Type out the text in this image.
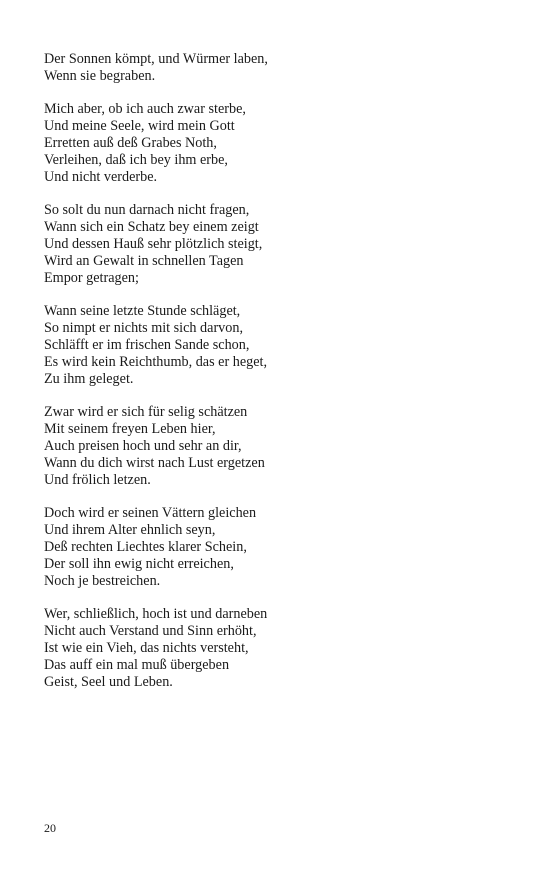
Der Sonnen kömpt, und Würmer laben,
Wenn sie begraben.
Mich aber, ob ich auch zwar sterbe,
Und meine Seele, wird mein Gott
Erretten auß deß Grabes Noth,
Verleihen, daß ich bey ihm erbe,
Und nicht verderbe.
So solt du nun darnach nicht fragen,
Wann sich ein Schatz bey einem zeigt
Und dessen Hauß sehr plötzlich steigt,
Wird an Gewalt in schnellen Tagen
Empor getragen;
Wann seine letzte Stunde schläget,
So nimpt er nichts mit sich darvon,
Schläfft er im frischen Sande schon,
Es wird kein Reichthumb, das er heget,
Zu ihm geleget.
Zwar wird er sich für selig schätzen
Mit seinem freyen Leben hier,
Auch preisen hoch und sehr an dir,
Wann du dich wirst nach Lust ergetzen
Und frölich letzen.
Doch wird er seinen Vättern gleichen
Und ihrem Alter ehnlich seyn,
Deß rechten Liechtes klarer Schein,
Der soll ihn ewig nicht erreichen,
Noch je bestreichen.
Wer, schließlich, hoch ist und darneben
Nicht auch Verstand und Sinn erhöht,
Ist wie ein Vieh, das nichts versteht,
Das auff ein mal muß übergeben
Geist, Seel und Leben.
20
